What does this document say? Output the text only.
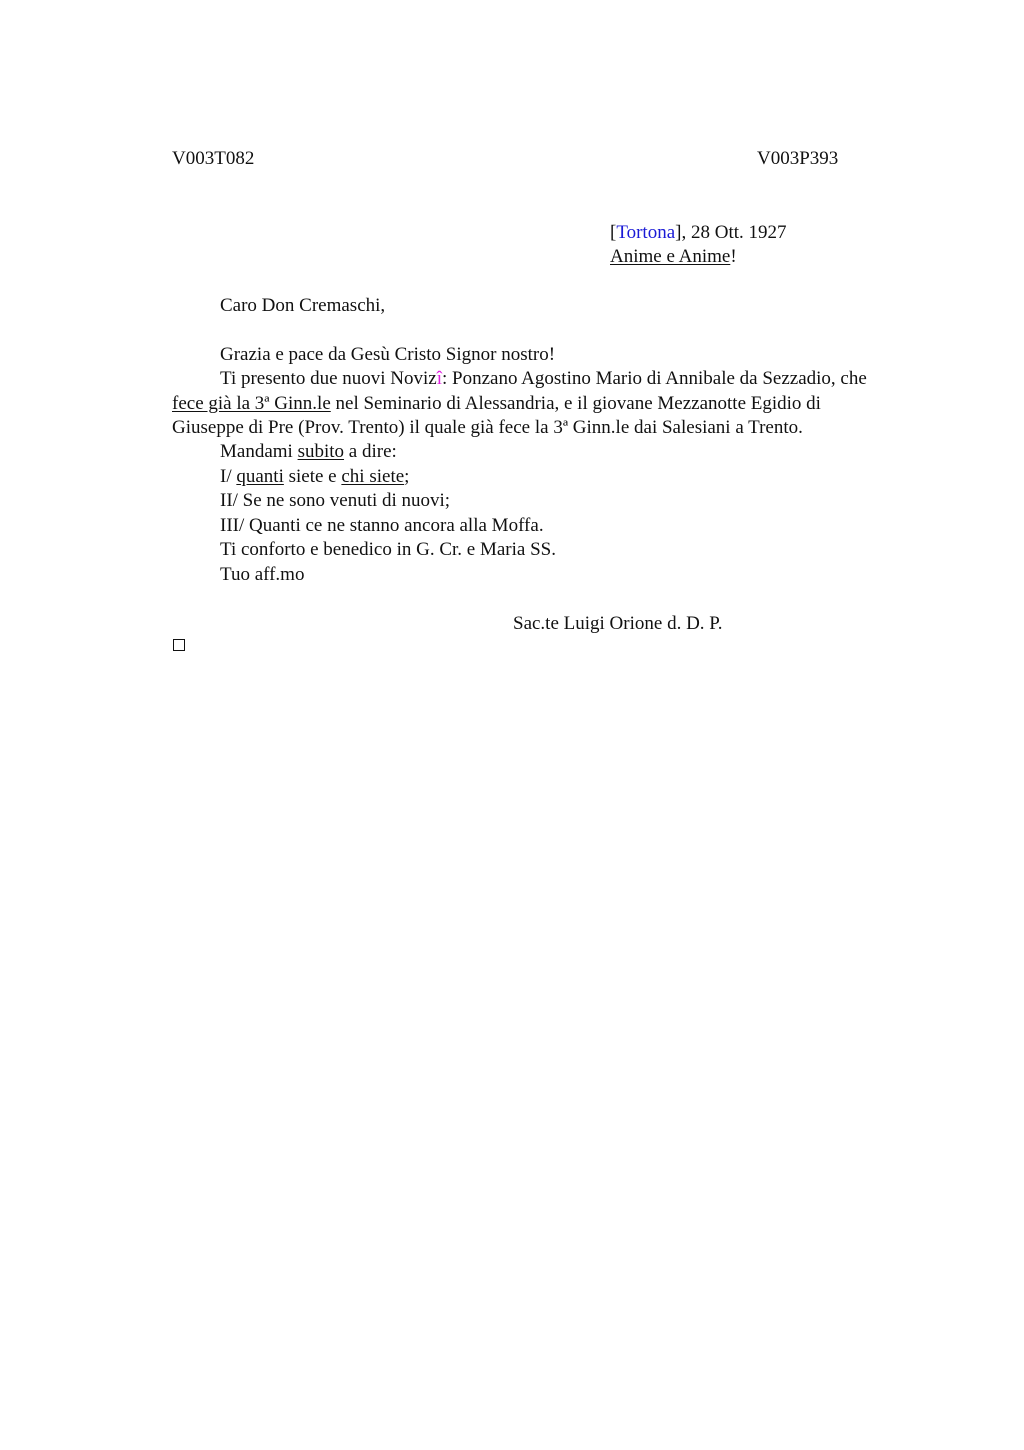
V003T082	V003P393
[Tortona], 28 Ott. 1927
Anime e Anime!
Caro Don Cremaschi,
Grazia e pace da Gesù Cristo Signor nostro!
Ti presento due nuovi Novizî: Ponzano Agostino Mario di Annibale da Sezzadio, che fece già la 3ª Ginn.le nel Seminario di Alessandria, e il giovane Mezzanotte Egidio di Giuseppe di Pre (Prov. Trento) il quale già fece la 3ª Ginn.le dai Salesiani a Trento.
Mandami subito a dire:
I/ quanti siete e chi siete;
II/ Se ne sono venuti di nuovi;
III/ Quanti ce ne stanno ancora alla Moffa.
Ti conforto e benedico in G. Cr. e Maria SS.
Tuo aff.mo
Sac.te Luigi Orione d. D. P.
